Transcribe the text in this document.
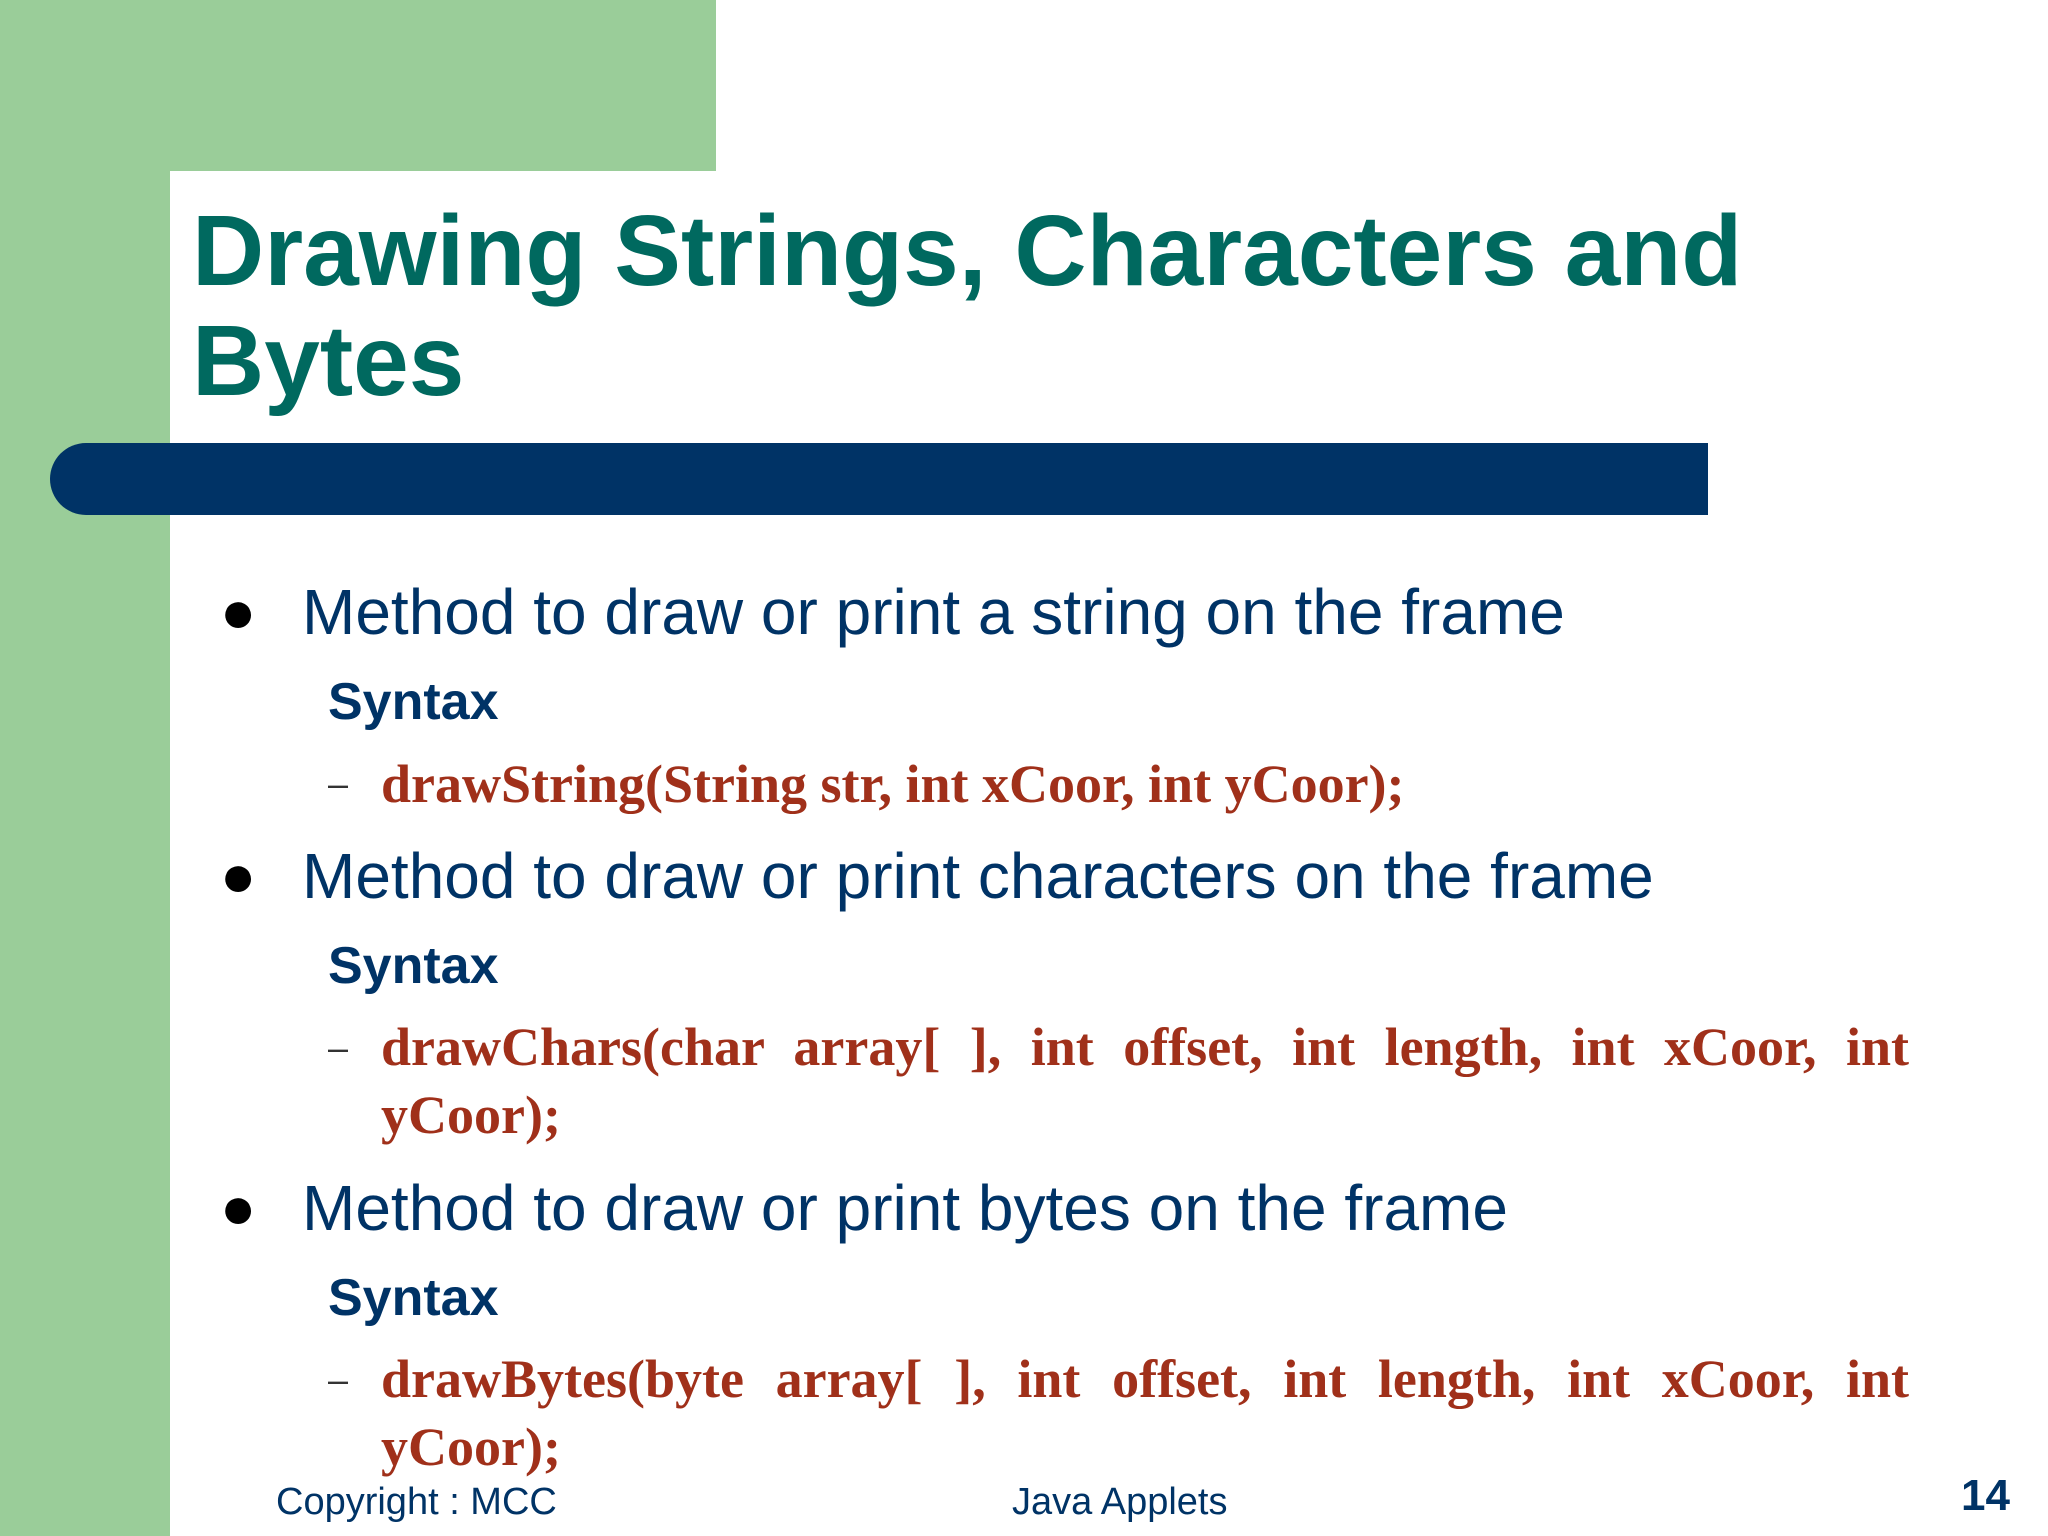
Drawing Strings, Characters and Bytes
● Method to draw or print a string on the frame
Syntax
– drawString(String str, int xCoor, int yCoor);
● Method to draw or print characters on the frame
Syntax
– drawChars(char array[ ], int offset, int length, int xCoor, int yCoor);
● Method to draw or print bytes on the frame
Syntax
– drawBytes(byte array[ ], int offset, int length, int xCoor, int yCoor);
Copyright : MCC	Java Applets	14
